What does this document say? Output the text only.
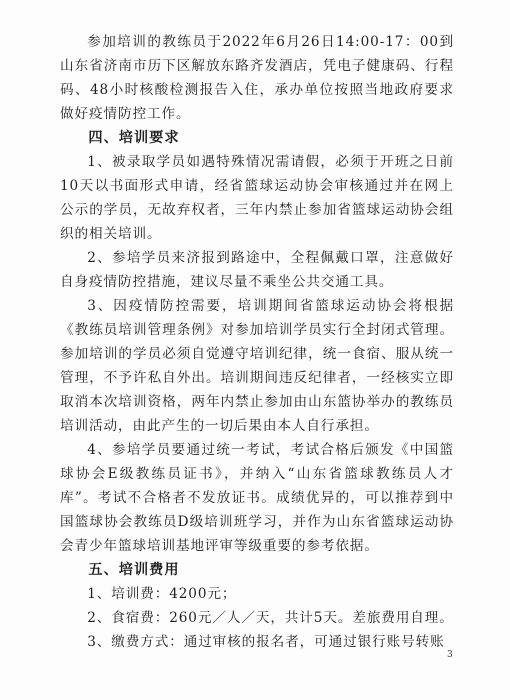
参加培训的教练员于2022年6月26日14:00-17：00到山东省济南市历下区解放东路齐发酒店，凭电子健康码、行程码、48小时核酸检测报告入住，承办单位按照当地政府要求做好疫情防控工作。

四、培训要求

1、被录取学员如遇特殊情况需请假，必须于开班之日前10天以书面形式申请，经省篮球运动协会审核通过并在网上公示的学员，无故弃权者，三年内禁止参加省篮球运动协会组织的相关培训。

2、参培学员来济报到路途中，全程佩戴口罩，注意做好自身疫情防控措施，建议尽量不乘坐公共交通工具。

3、因疫情防控需要，培训期间省篮球运动协会将根据《教练员培训管理条例》对参加培训学员实行全封闭式管理。参加培训的学员必须自觉遵守培训纪律，统一食宿、服从统一管理，不予许私自外出。培训期间违反纪律者，一经核实立即取消本次培训资格，两年内禁止参加由山东篮协举办的教练员培训活动，由此产生的一切后果由本人自行承担。

4、参培学员要通过统一考试，考试合格后颁发《中国篮球协会E级教练员证书》，并纳入“山东省篮球教练员人才库”。考试不合格者不发放证书。成绩优异的，可以推荐到中国篮球协会教练员D级培训班学习，并作为山东省篮球运动协会青少年篮球培训基地评审等级重要的参考依据。

五、培训费用

1、培训费：4200元；

2、食宿费：260元／人／天，共计5天。差旅费用自理。

3、缴费方式：通过审核的报名者，可通过银行账号转账

3
